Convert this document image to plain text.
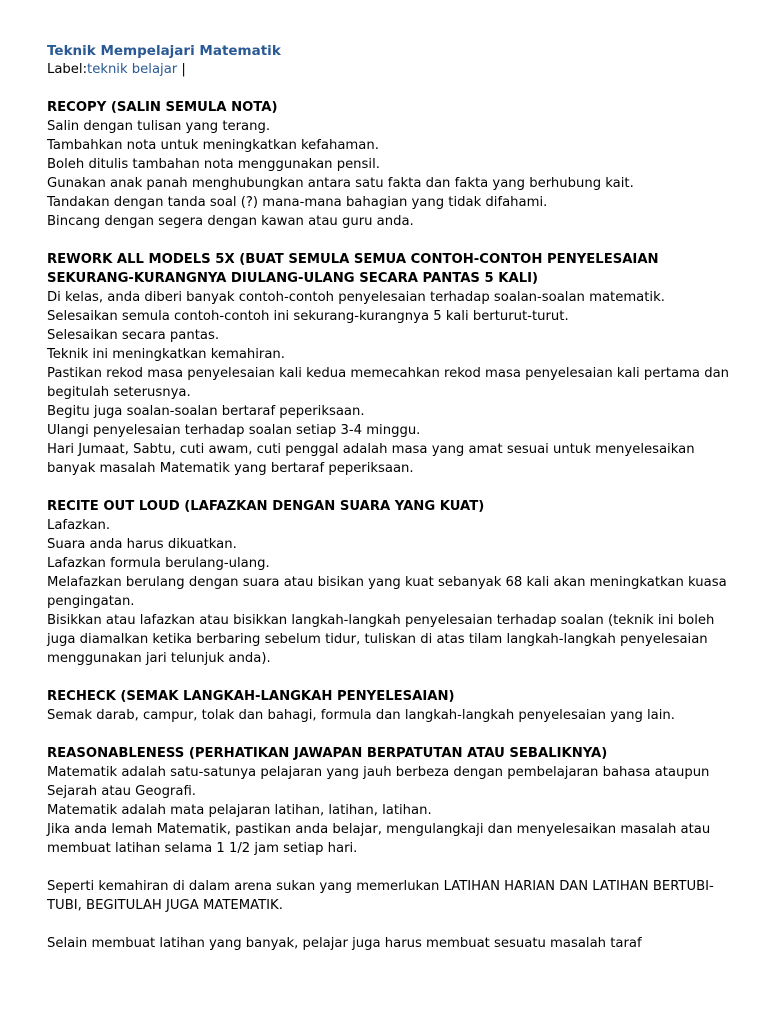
Teknik Mempelajari Matematik

Label:teknik belajar |

RECOPY (SALIN SEMULA NOTA)

Salin dengan tulisan yang terang.

Tambahkan nota untuk meningkatkan kefahaman.

Boleh ditulis tambahan nota menggunakan pensil.

Gunakan anak panah menghubungkan antara satu fakta dan fakta yang berhubung kait.

Tandakan dengan tanda soal (?) mana-mana bahagian yang tidak difahami.

Bincang dengan segera dengan kawan atau guru anda.

REWORK ALL MODELS 5X (BUAT SEMULA SEMUA CONTOH-CONTOH PENYELESAIAN SEKURANG-KURANGNYA DIULANG-ULANG SECARA PANTAS 5 KALI)

Di kelas, anda diberi banyak contoh-contoh penyelesaian terhadap soalan-soalan matematik.

Selesaikan semula contoh-contoh ini sekurang-kurangnya 5 kali berturut-turut.

Selesaikan secara pantas.

Teknik ini meningkatkan kemahiran.

Pastikan rekod masa penyelesaian kali kedua memecahkan rekod masa penyelesaian kali pertama dan begitulah seterusnya.

Begitu juga soalan-soalan bertaraf peperiksaan.

Ulangi penyelesaian terhadap soalan setiap 3-4 minggu.

Hari Jumaat, Sabtu, cuti awam, cuti penggal adalah masa yang amat sesuai untuk menyelesaikan banyak masalah Matematik yang bertaraf peperiksaan.

RECITE OUT LOUD (LAFAZKAN DENGAN SUARA YANG KUAT)

Lafazkan.

Suara anda harus dikuatkan.

Lafazkan formula berulang-ulang.

Melafazkan berulang dengan suara atau bisikan yang kuat sebanyak 68 kali akan meningkatkan kuasa pengingatan.

Bisikkan atau lafazkan atau bisikkan langkah-langkah penyelesaian terhadap soalan (teknik ini boleh juga diamalkan ketika berbaring sebelum tidur, tuliskan di atas tilam langkah-langkah penyelesaian menggunakan jari telunjuk anda).

RECHECK (SEMAK LANGKAH-LANGKAH PENYELESAIAN)

Semak darab, campur, tolak dan bahagi, formula dan langkah-langkah penyelesaian yang lain.

REASONABLENESS (PERHATIKAN JAWAPAN BERPATUTAN ATAU SEBALIKNYA)

Matematik adalah satu-satunya pelajaran yang jauh berbeza dengan pembelajaran bahasa ataupun Sejarah atau Geografi.

Matematik adalah mata pelajaran latihan, latihan, latihan.

Jika anda lemah Matematik, pastikan anda belajar, mengulangkaji dan menyelesaikan masalah atau membuat latihan selama 1 1/2 jam setiap hari.

Seperti kemahiran di dalam arena sukan yang memerlukan LATIHAN HARIAN DAN LATIHAN BERTUBI-TUBI, BEGITULAH JUGA MATEMATIK.

Selain membuat latihan yang banyak, pelajar juga harus membuat sesuatu masalah taraf
